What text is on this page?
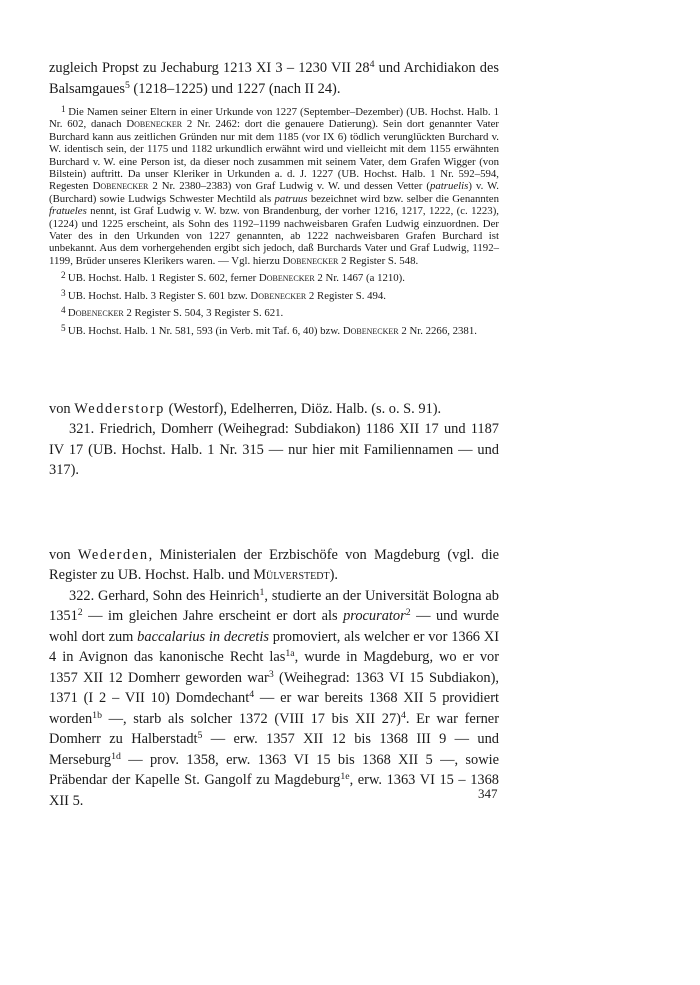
zugleich Propst zu Jechaburg 1213 XI 3 – 1230 VII $28^4$ und Archidiakon des Balsamgaues$^5$ (1218–1225) und 1227 (nach II 24).

$^1$ Die Namen seiner Eltern in einer Urkunde von 1227 (September–Dezember) (UB. Hochst. Halb. 1 Nr. 602, danach Dobenecker 2 Nr. 2462: dort die genauere Datierung). Sein dort genannter Vater Burchard kann aus zeitlichen Gründen nur mit dem 1185 (vor IX 6) tödlich verunglückten Burchard v. W. identisch sein, der 1175 und 1182 urkundlich erwähnt wird und vielleicht mit dem 1155 erwähnten Burchard v. W. eine Person ist, da dieser noch zusammen mit seinem Vater, dem Grafen Wigger (von Bilstein) auftritt. Da unser Kleriker in Urkunden a. d. J. 1227 (UB. Hochst. Halb. 1 Nr. 592–594, Regesten Dobenecker 2 Nr. 2380–2383) von Graf Ludwig v. W. und dessen Vetter (patruelis) v. W. (Burchard) sowie Ludwigs Schwester Mechtild als patruus bezeichnet wird bzw. selber die Genannten fratueles nennt, ist Graf Ludwig v. W. bzw. von Brandenburg, der vorher 1216, 1217, 1222, (c. 1223), (1224) und 1225 erscheint, als Sohn des 1192–1199 nachweisbaren Grafen Ludwig einzuordnen. Der Vater des in den Urkunden von 1227 genannten, ab 1222 nachweisbaren Grafen Burchard ist unbekannt. Aus dem vorhergehenden ergibt sich jedoch, daß Burchards Vater und Graf Ludwig, 1192–1199, Brüder unseres Klerikers waren. — Vgl. hierzu Dobenecker 2 Register S. 548.

$^2$ UB. Hochst. Halb. 1 Register S. 602, ferner Dobenecker 2 Nr. 1467 (a 1210).

$^3$ UB. Hochst. Halb. 3 Register S. 601 bzw. Dobenecker 2 Register S. 494.

$^4$ Dobenecker 2 Register S. 504, 3 Register S. 621.

$^5$ UB. Hochst. Halb. 1 Nr. 581, 593 (in Verb. mit Taf. 6, 40) bzw. Dobenecker 2 Nr. 2266, 2381.

von Wedderstorp (Westorf), Edelherren, Diöz. Halb. (s. o. S. 91).

321. Friedrich, Domherr (Weihegrad: Subdiakon) 1186 XII 17 und 1187 IV 17 (UB. Hochst. Halb. 1 Nr. 315 — nur hier mit Familiennamen — und 317).

von Wederden, Ministerialen der Erzbischöfe von Magdeburg (vgl. die Register zu UB. Hochst. Halb. und Mülverstedt).

322. Gerhard, Sohn des Heinrich$^1$, studierte an der Universität Bologna ab 1351$^2$ — im gleichen Jahre erscheint er dort als procurator$^2$ — und wurde wohl dort zum baccalarius in decretis promoviert, als welcher er vor 1366 XI 4 in Avignon das kanonische Recht las$^{1a}$, wurde in Magdeburg, wo er vor 1357 XII 12 Domherr geworden war$^3$ (Weihegrad: 1363 VI 15 Subdiakon), 1371 (I 2 – VII 10) Domdechant$^4$ — er war bereits 1368 XII 5 providiert worden$^{1b}$ —, starb als solcher 1372 (VIII 17 bis XII 27)$^4$. Er war ferner Domherr zu Halberstadt$^5$ — erw. 1357 XII 12 bis 1368 III 9 — und Merseburg$^{1d}$ — prov. 1358, erw. 1363 VI 15 bis 1368 XII 5 —, sowie Präbendar der Kapelle St. Gangolf zu Magdeburg$^{1e}$, erw. 1363 VI 15 – 1368 XII 5.	347
